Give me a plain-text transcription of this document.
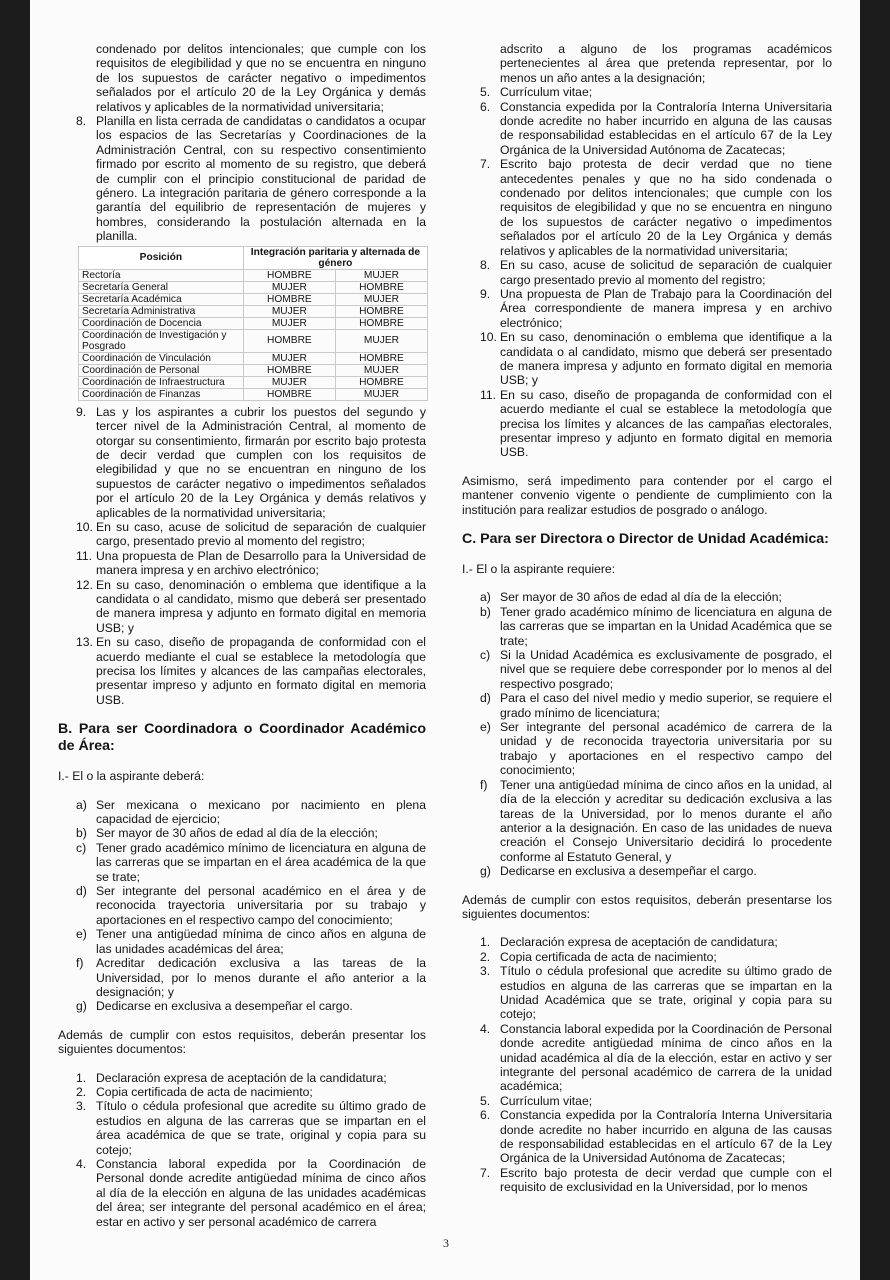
condenado por delitos intencionales; que cumple con los requisitos de elegibilidad y que no se encuentra en ninguno de los supuestos de carácter negativo o impedimentos señalados por el artículo 20 de la Ley Orgánica y demás relativos y aplicables de la normatividad universitaria;

8. Planilla en lista cerrada de candidatas o candidatos a ocupar los espacios de las Secretarías y Coordinaciones de la Administración Central, con su respectivo consentimiento firmado por escrito al momento de su registro, que deberá de cumplir con el principio constitucional de paridad de género. La integración paritaria de género corresponde a la garantía del equilibrio de representación de mujeres y hombres, considerando la postulación alternada en la planilla.
Posición	Integración paritaria y alternada de género	
Rectoría	HOMBRE	MUJER
Secretaría General	MUJER	HOMBRE
Secretaría Académica	HOMBRE	MUJER
Secretaría Administrativa	MUJER	HOMBRE
Coordinación de Docencia	MUJER	HOMBRE
Coordinación de Investigación y Posgrado	HOMBRE	MUJER
Coordinación de Vinculación	MUJER	HOMBRE
Coordinación de Personal	HOMBRE	MUJER
Coordinación de Infraestructura	MUJER	HOMBRE
Coordinación de Finanzas	HOMBRE	MUJER
9. Las y los aspirantes a cubrir los puestos del segundo y tercer nivel de la Administración Central, al momento de otorgar su consentimiento, firmarán por escrito bajo protesta de decir verdad que cumplen con los requisitos de elegibilidad y que no se encuentran en ninguno de los supuestos de carácter negativo o impedimentos señalados por el artículo 20 de la Ley Orgánica y demás relativos y aplicables de la normatividad universitaria;
10. En su caso, acuse de solicitud de separación de cualquier cargo, presentado previo al momento del registro;
11. Una propuesta de Plan de Desarrollo para la Universidad de manera impresa y en archivo electrónico;
12. En su caso, denominación o emblema que identifique a la candidata o al candidato, mismo que deberá ser presentado de manera impresa y adjunto en formato digital en memoria USB; y
13. En su caso, diseño de propaganda de conformidad con el acuerdo mediante el cual se establece la metodología que precisa los límites y alcances de las campañas electorales, presentar impreso y adjunto en formato digital en memoria USB.

B. Para ser Coordinadora o Coordinador Académico de Área:

I.- El o la aspirante deberá:

a) Ser mexicana o mexicano por nacimiento en plena capacidad de ejercicio;
b) Ser mayor de 30 años de edad al día de la elección;
c) Tener grado académico mínimo de licenciatura en alguna de las carreras que se impartan en el área académica de la que se trate;
d) Ser integrante del personal académico en el área y de reconocida trayectoria universitaria por su trabajo y aportaciones en el respectivo campo del conocimiento;
e) Tener una antigüedad mínima de cinco años en alguna de las unidades académicas del área;
f) Acreditar dedicación exclusiva a las tareas de la Universidad, por lo menos durante el año anterior a la designación; y
g) Dedicarse en exclusiva a desempeñar el cargo.

Además de cumplir con estos requisitos, deberán presentar los siguientes documentos:

1. Declaración expresa de aceptación de la candidatura;
2. Copia certificada de acta de nacimiento;
3. Título o cédula profesional que acredite su último grado de estudios en alguna de las carreras que se impartan en el área académica de que se trate, original y copia para su cotejo;
4. Constancia laboral expedida por la Coordinación de Personal donde acredite antigüedad mínima de cinco años al día de la elección en alguna de las unidades académicas del área; ser integrante del personal académico en el área; estar en activo y ser personal académico de carrera

adscrito a alguno de los programas académicos pertenecientes al área que pretenda representar, por lo menos un año antes a la designación;

5. Currículum vitae;
6. Constancia expedida por la Contraloría Interna Universitaria donde acredite no haber incurrido en alguna de las causas de responsabilidad establecidas en el artículo 67 de la Ley Orgánica de la Universidad Autónoma de Zacatecas;
7. Escrito bajo protesta de decir verdad que no tiene antecedentes penales y que no ha sido condenada o condenado por delitos intencionales; que cumple con los requisitos de elegibilidad y que no se encuentra en ninguno de los supuestos de carácter negativo o impedimentos señalados por el artículo 20 de la Ley Orgánica y demás relativos y aplicables de la normatividad universitaria;
8. En su caso, acuse de solicitud de separación de cualquier cargo presentado previo al momento del registro;
9. Una propuesta de Plan de Trabajo para la Coordinación del Área correspondiente de manera impresa y en archivo electrónico;
10. En su caso, denominación o emblema que identifique a la candidata o al candidato, mismo que deberá ser presentado de manera impresa y adjunto en formato digital en memoria USB; y
11. En su caso, diseño de propaganda de conformidad con el acuerdo mediante el cual se establece la metodología que precisa los límites y alcances de las campañas electorales, presentar impreso y adjunto en formato digital en memoria USB.

Asimismo, será impedimento para contender por el cargo el mantener convenio vigente o pendiente de cumplimiento con la institución para realizar estudios de posgrado o análogo.

C. Para ser Directora o Director de Unidad Académica:

I.- El o la aspirante requiere:

a) Ser mayor de 30 años de edad al día de la elección;
b) Tener grado académico mínimo de licenciatura en alguna de las carreras que se impartan en la Unidad Académica que se trate;
c) Si la Unidad Académica es exclusivamente de posgrado, el nivel que se requiere debe corresponder por lo menos al del respectivo posgrado;
d) Para el caso del nivel medio y medio superior, se requiere el grado mínimo de licenciatura;
e) Ser integrante del personal académico de carrera de la unidad y de reconocida trayectoria universitaria por su trabajo y aportaciones en el respectivo campo del conocimiento;
f) Tener una antigüedad mínima de cinco años en la unidad, al día de la elección y acreditar su dedicación exclusiva a las tareas de la Universidad, por lo menos durante el año anterior a la designación. En caso de las unidades de nueva creación el Consejo Universitario decidirá lo procedente conforme al Estatuto General, y
g) Dedicarse en exclusiva a desempeñar el cargo.

Además de cumplir con estos requisitos, deberán presentarse los siguientes documentos:

1. Declaración expresa de aceptación de candidatura;
2. Copia certificada de acta de nacimiento;
3. Título o cédula profesional que acredite su último grado de estudios en alguna de las carreras que se impartan en la Unidad Académica que se trate, original y copia para su cotejo;
4. Constancia laboral expedida por la Coordinación de Personal donde acredite antigüedad mínima de cinco años en la unidad académica al día de la elección, estar en activo y ser integrante del personal académico de carrera de la unidad académica;
5. Currículum vitae;
6. Constancia expedida por la Contraloría Interna Universitaria donde acredite no haber incurrido en alguna de las causas de responsabilidad establecidas en el artículo 67 de la Ley Orgánica de la Universidad Autónoma de Zacatecas;
7. Escrito bajo protesta de decir verdad que cumple con el requisito de exclusividad en la Universidad, por lo menos
3
